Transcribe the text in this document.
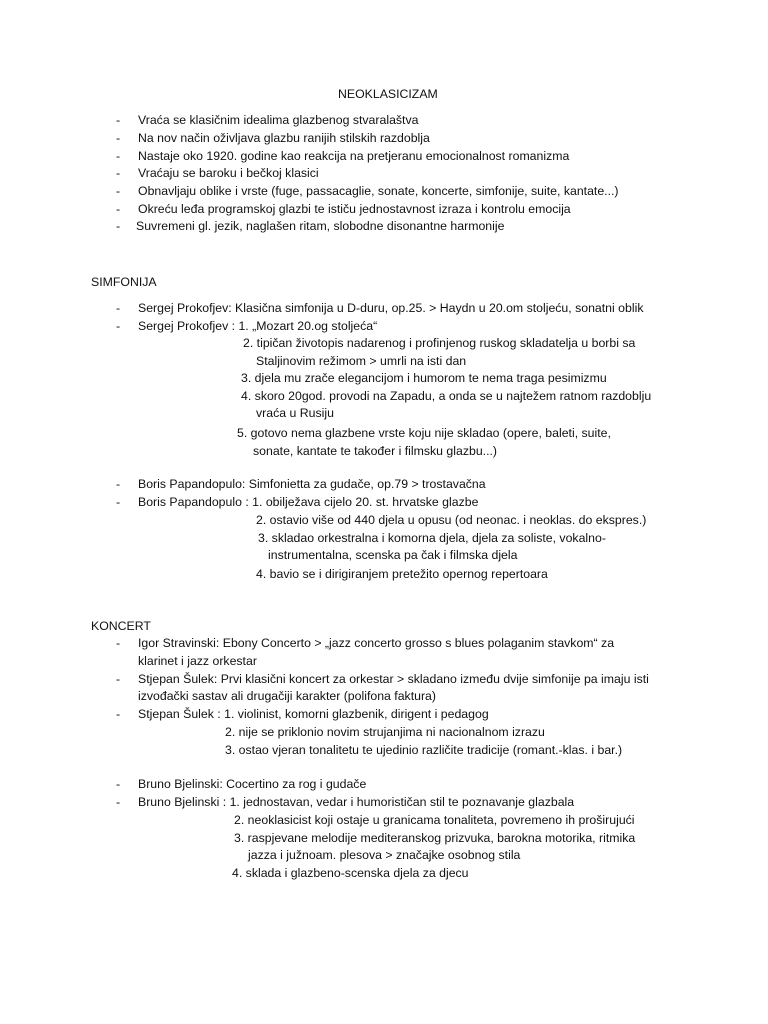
NEOKLASICIZAM
- Vraća se klasičnim idealima glazbenog stvaralaštva
- Na nov način oživljava glazbu ranijih stilskih razdoblja
- Nastaje oko 1920. godine kao reakcija na pretjeranu emocionalnost romanizma
- Vraćaju se baroku i bečkoj klasici
- Obnavljaju oblike i vrste (fuge, passacaglie, sonate, koncerte, simfonije, suite, kantate...)
- Okreću leđa programskoj glazbi te ističu jednostavnost izraza i kontrolu emocija
- Suvremeni gl. jezik, naglašen ritam, slobodne disonantne harmonije
SIMFONIJA
- Sergej Prokofjev: Klasična simfonija u D-duru, op.25. > Haydn u 20.om stoljeću, sonatni oblik
- Sergej Prokofjev : 1. „Mozart 20.og stoljeća“
2. tipičan životopis nadarenog i profinjenog ruskog skladatelja u borbi sa
Staljinovim režimom > umrli na isti dan
3. djela mu zrače elegancijom i humorom te nema traga pesimizmu
4. skoro 20god. provodi na Zapadu, a onda se u najtežem ratnom razdoblju
vraća u Rusiju
5. gotovo nema glazbene vrste koju nije skladao (opere, baleti, suite,
sonate, kantate te također i filmsku glazbu...)
- Boris Papandopulo: Simfonietta za gudače, op.79 > trostavačna
- Boris Papandopulo : 1. obilježava cijelo 20. st. hrvatske glazbe
2. ostavio više od 440 djela u opusu (od neonac. i neoklas. do ekspres.)
3. skladao orkestralna i komorna djela, djela za soliste, vokalno-
instrumentalna, scenska pa čak i filmska djela
4. bavio se i dirigiranjem pretežito opernog repertoara
KONCERT
- Igor Stravinski: Ebony Concerto > „jazz concerto grosso s blues polaganim stavkom“ za
klarinet i jazz orkestar
- Stjepan Šulek: Prvi klasični koncert za orkestar > skladano između dvije simfonije pa imaju isti
izvođački sastav ali drugačiji karakter (polifona faktura)
- Stjepan Šulek : 1. violinist, komorni glazbenik, dirigent i pedagog
2. nije se priklonio novim strujanjima ni nacionalnom izrazu
3. ostao vjeran tonalitetu te ujedinio različite tradicije (romant.-klas. i bar.)
- Bruno Bjelinski: Cocertino za rog i gudače
- Bruno Bjelinski : 1. jednostavan, vedar i humorističan stil te poznavanje glazbala
2. neoklasicist koji ostaje u granicama tonaliteta, povremeno ih proširujući
3. raspjevane melodije mediteranskog prizvuka, barokna motorika, ritmika
jazza i južnoam. plesova > značajke osobnog stila
4. sklada i glazbeno-scenska djela za djecu
